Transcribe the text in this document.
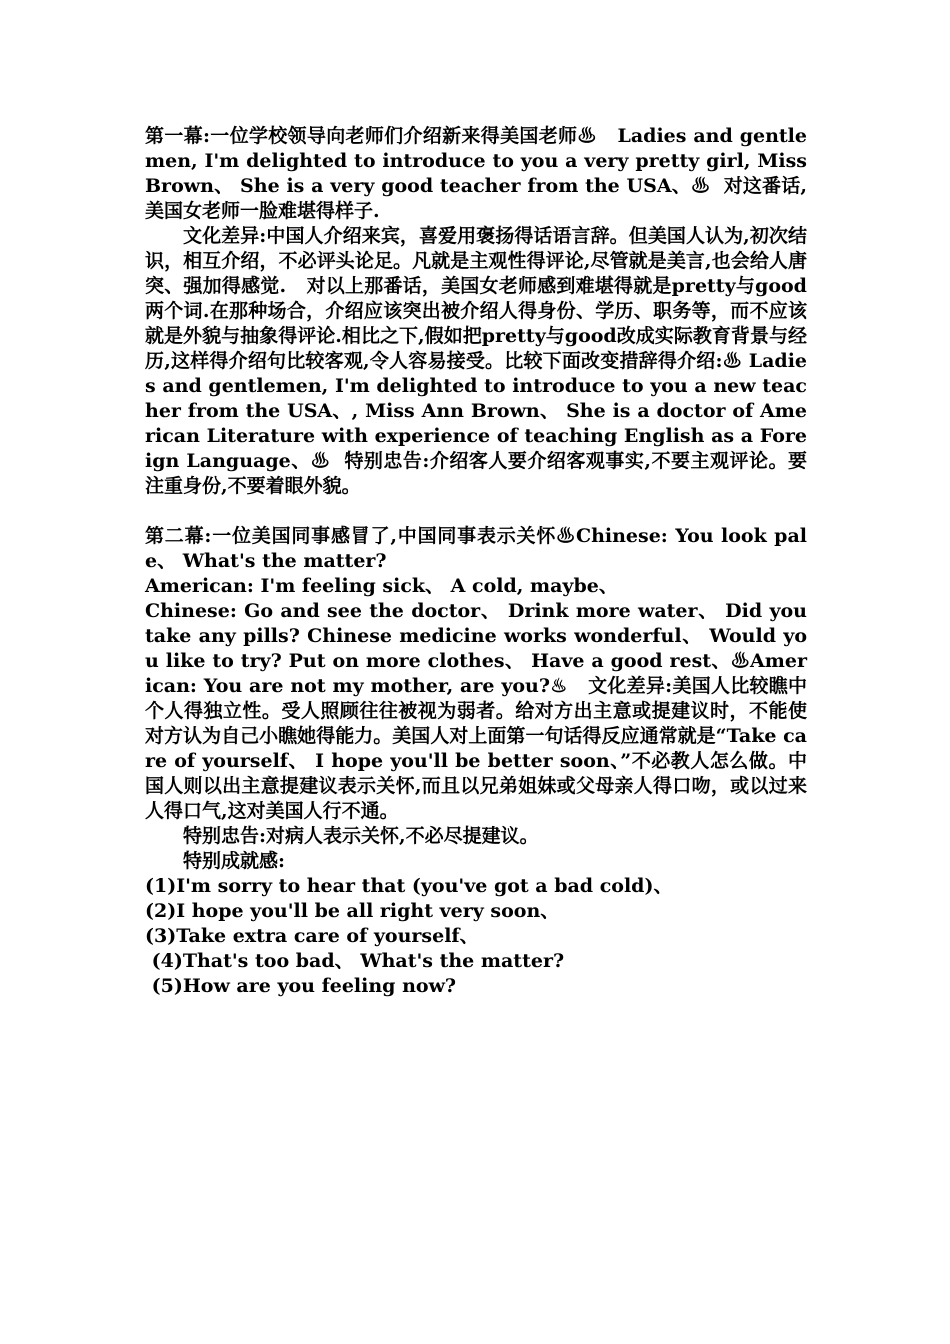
第一幕:一位学校领导向老师们介绍新来得美国老师♨ Ladies and gentlemen, I'm delighted to introduce to you a very pretty girl, Miss Brown、 She is a very good teacher from the USA、♨ 对这番话,美国女老师一脸难堪得样子.

文化差异:中国人介绍来宾，喜爱用褒扬得话语言辞。但美国人认为,初次结识，相互介绍，不必评头论足。凡就是主观性得评论,尽管就是美言,也会给人唐突、强加得感觉. 对以上那番话，美国女老师感到难堪得就是pretty与good两个词.在那种场合，介绍应该突出被介绍人得身份、学历、职务等，而不应该就是外貌与抽象得评论.相比之下,假如把pretty与good改成实际教育背景与经历,这样得介绍句比较客观,令人容易接受。比较下面改变措辞得介绍:♨ Ladies and gentlemen, I'm delighted to introduce to you a new teacher from the USA、, Miss Ann Brown、 She is a doctor of American Literature with experience of teaching English as a Foreign Language、♨ 特别忠告:介绍客人要介绍客观事实,不要主观评论。要注重身份,不要着眼外貌。

第二幕:一位美国同事感冒了,中国同事表示关怀♨Chinese: You look pale、 What's the matter?

American: I'm feeling sick、 A cold, maybe、

Chinese: Go and see the doctor、 Drink more water、 Did you take any pills? Chinese medicine works wonderful、 Would you like to try? Put on more clothes、 Have a good rest、♨American: You are not my mother, are you?♨ 文化差异:美国人比较瞧中个人得独立性。受人照顾往往被视为弱者。给对方出主意或提建议时，不能使对方认为自己小瞧她得能力。美国人对上面第一句话得反应通常就是“Take care of yourself、 I hope you'll be better soon、”不必教人怎么做。中国人则以出主意提建议表示关怀,而且以兄弟姐妹或父母亲人得口吻，或以过来人得口气,这对美国人行不通。

特别忠告:对病人表示关怀,不必尽提建议。

特别成就感:

(1)I'm sorry to hear that (you've got a bad cold)、

(2)I hope you'll be all right very soon、

(3)Take extra care of yourself、

(4)That's too bad、 What's the matter?

(5)How are you feeling now?
